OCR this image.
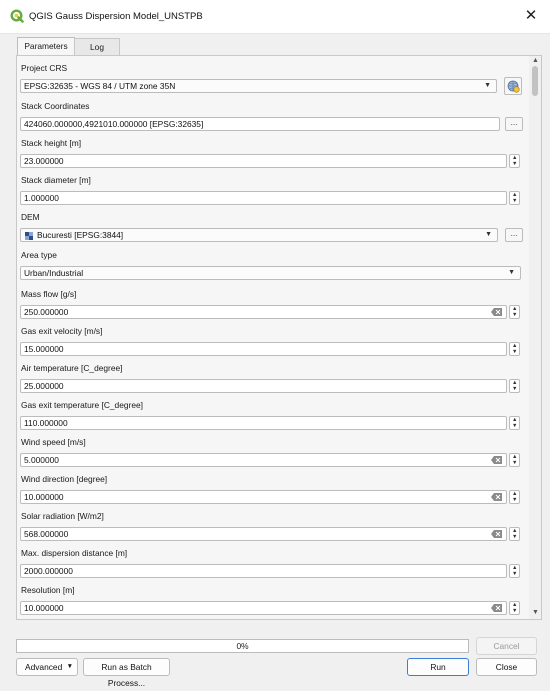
QGIS Gauss Dispersion Model_UNSTPB	✕
Parameters	Log
Project CRS
EPSG:32635 - WGS 84 / UTM zone 35N	▼
Stack Coordinates
424060.000000,4921010.000000 [EPSG:32635]	...
Stack height [m]
23.000000	▲
▼
Stack diameter [m]
1.000000	▲
▼
DEM
Bucuresti [EPSG:3844]	▼	...
Area type
Urban/Industrial	▼
Mass flow [g/s]
250.000000	▲
▼
Gas exit velocity [m/s]
15.000000	▲
▼
Air temperature [C_degree]
25.000000	▲
▼
Gas exit temperature [C_degree]
110.000000	▲
▼
Wind speed [m/s]
5.000000	▲
▼
Wind direction [degree]
10.000000	▲
▼
Solar radiation [W/m2]
568.000000	▲
▼
Max. dispersion distance [m]
2000.000000	▲
▼
Resolution [m]
10.000000	▲
▼
▲
▼
0%	Cancel
Advanced ▼	Run as Batch Process...
Run	Close
